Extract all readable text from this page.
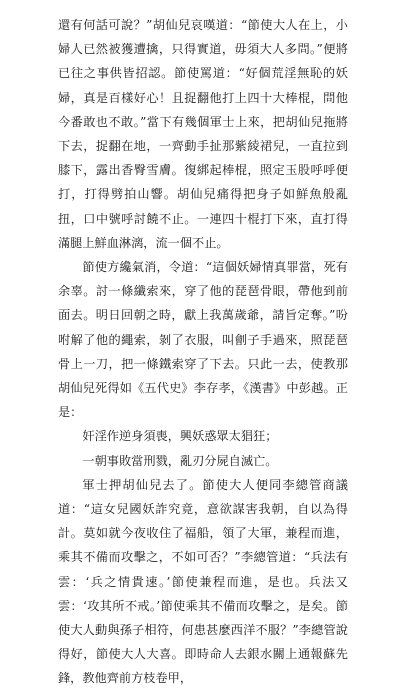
還有何話可說？”胡仙兒哀嘆道：“節使大人在上，小婦人已然被獲遭擒，只得實道，毋須大人多問。”便將已往之事供皆招認。節使罵道：“好個荒淫無恥的妖婦，真是百樣好心！且捉翻他打上四十大棒棍，問他今番敢也不敢。”當下有幾個軍士上來，把胡仙兒拖將下去，捉翻在地，一齊動手扯那紫綾裙兒，一直拉到膝下，露出香臀雪膚。復綁起棒棍，照定玉股呼呼便打，打得劈拍山響。胡仙兒痛得把身子如鮮魚般亂扭，口中號呼討饒不止。一連四十棍打下來，直打得滿腿上鮮血淋漓，流一個不止。

節使方纔氣消，令道：“這個妖婦情真罪當，死有余辜。討一條纖索來，穿了他的琵琶骨眼，帶他到前面去。明日回朝之時，獻上我萬歲爺，請旨定奪。”吩咐解了他的繩索，剝了衣服，叫劊子手過來，照琵琶骨上一刀，把一條鐵索穿了下去。只此一去，使教那胡仙兒死得如《五代史》李存孝，《漢書》中彭越。正是：

奸淫作逆身須喪，興妖惑眾太猖狂；

一朝事敗當刑戮，亂刃分屍自滅亡。

軍士押胡仙兒去了。節使大人便同李總管商議道：“這女兒國妖詐究竟，意欲謀害我朝，自以為得計。莫如就今夜收住了福船，領了大軍，兼程而進，乘其不備而攻擊之，不如可否？”李總管道：“兵法有雲：‘兵之情貴速。’節使兼程而進，是也。兵法又雲：‘攻其所不戒。’節使乘其不備而攻擊之，是矣。節使大人動與孫子相符，何患甚麼西洋不服？”李總管說得好，節使大人大喜。即時命人去銀水關上通報蘇先鋒，教他齊前方枝卷甲，
